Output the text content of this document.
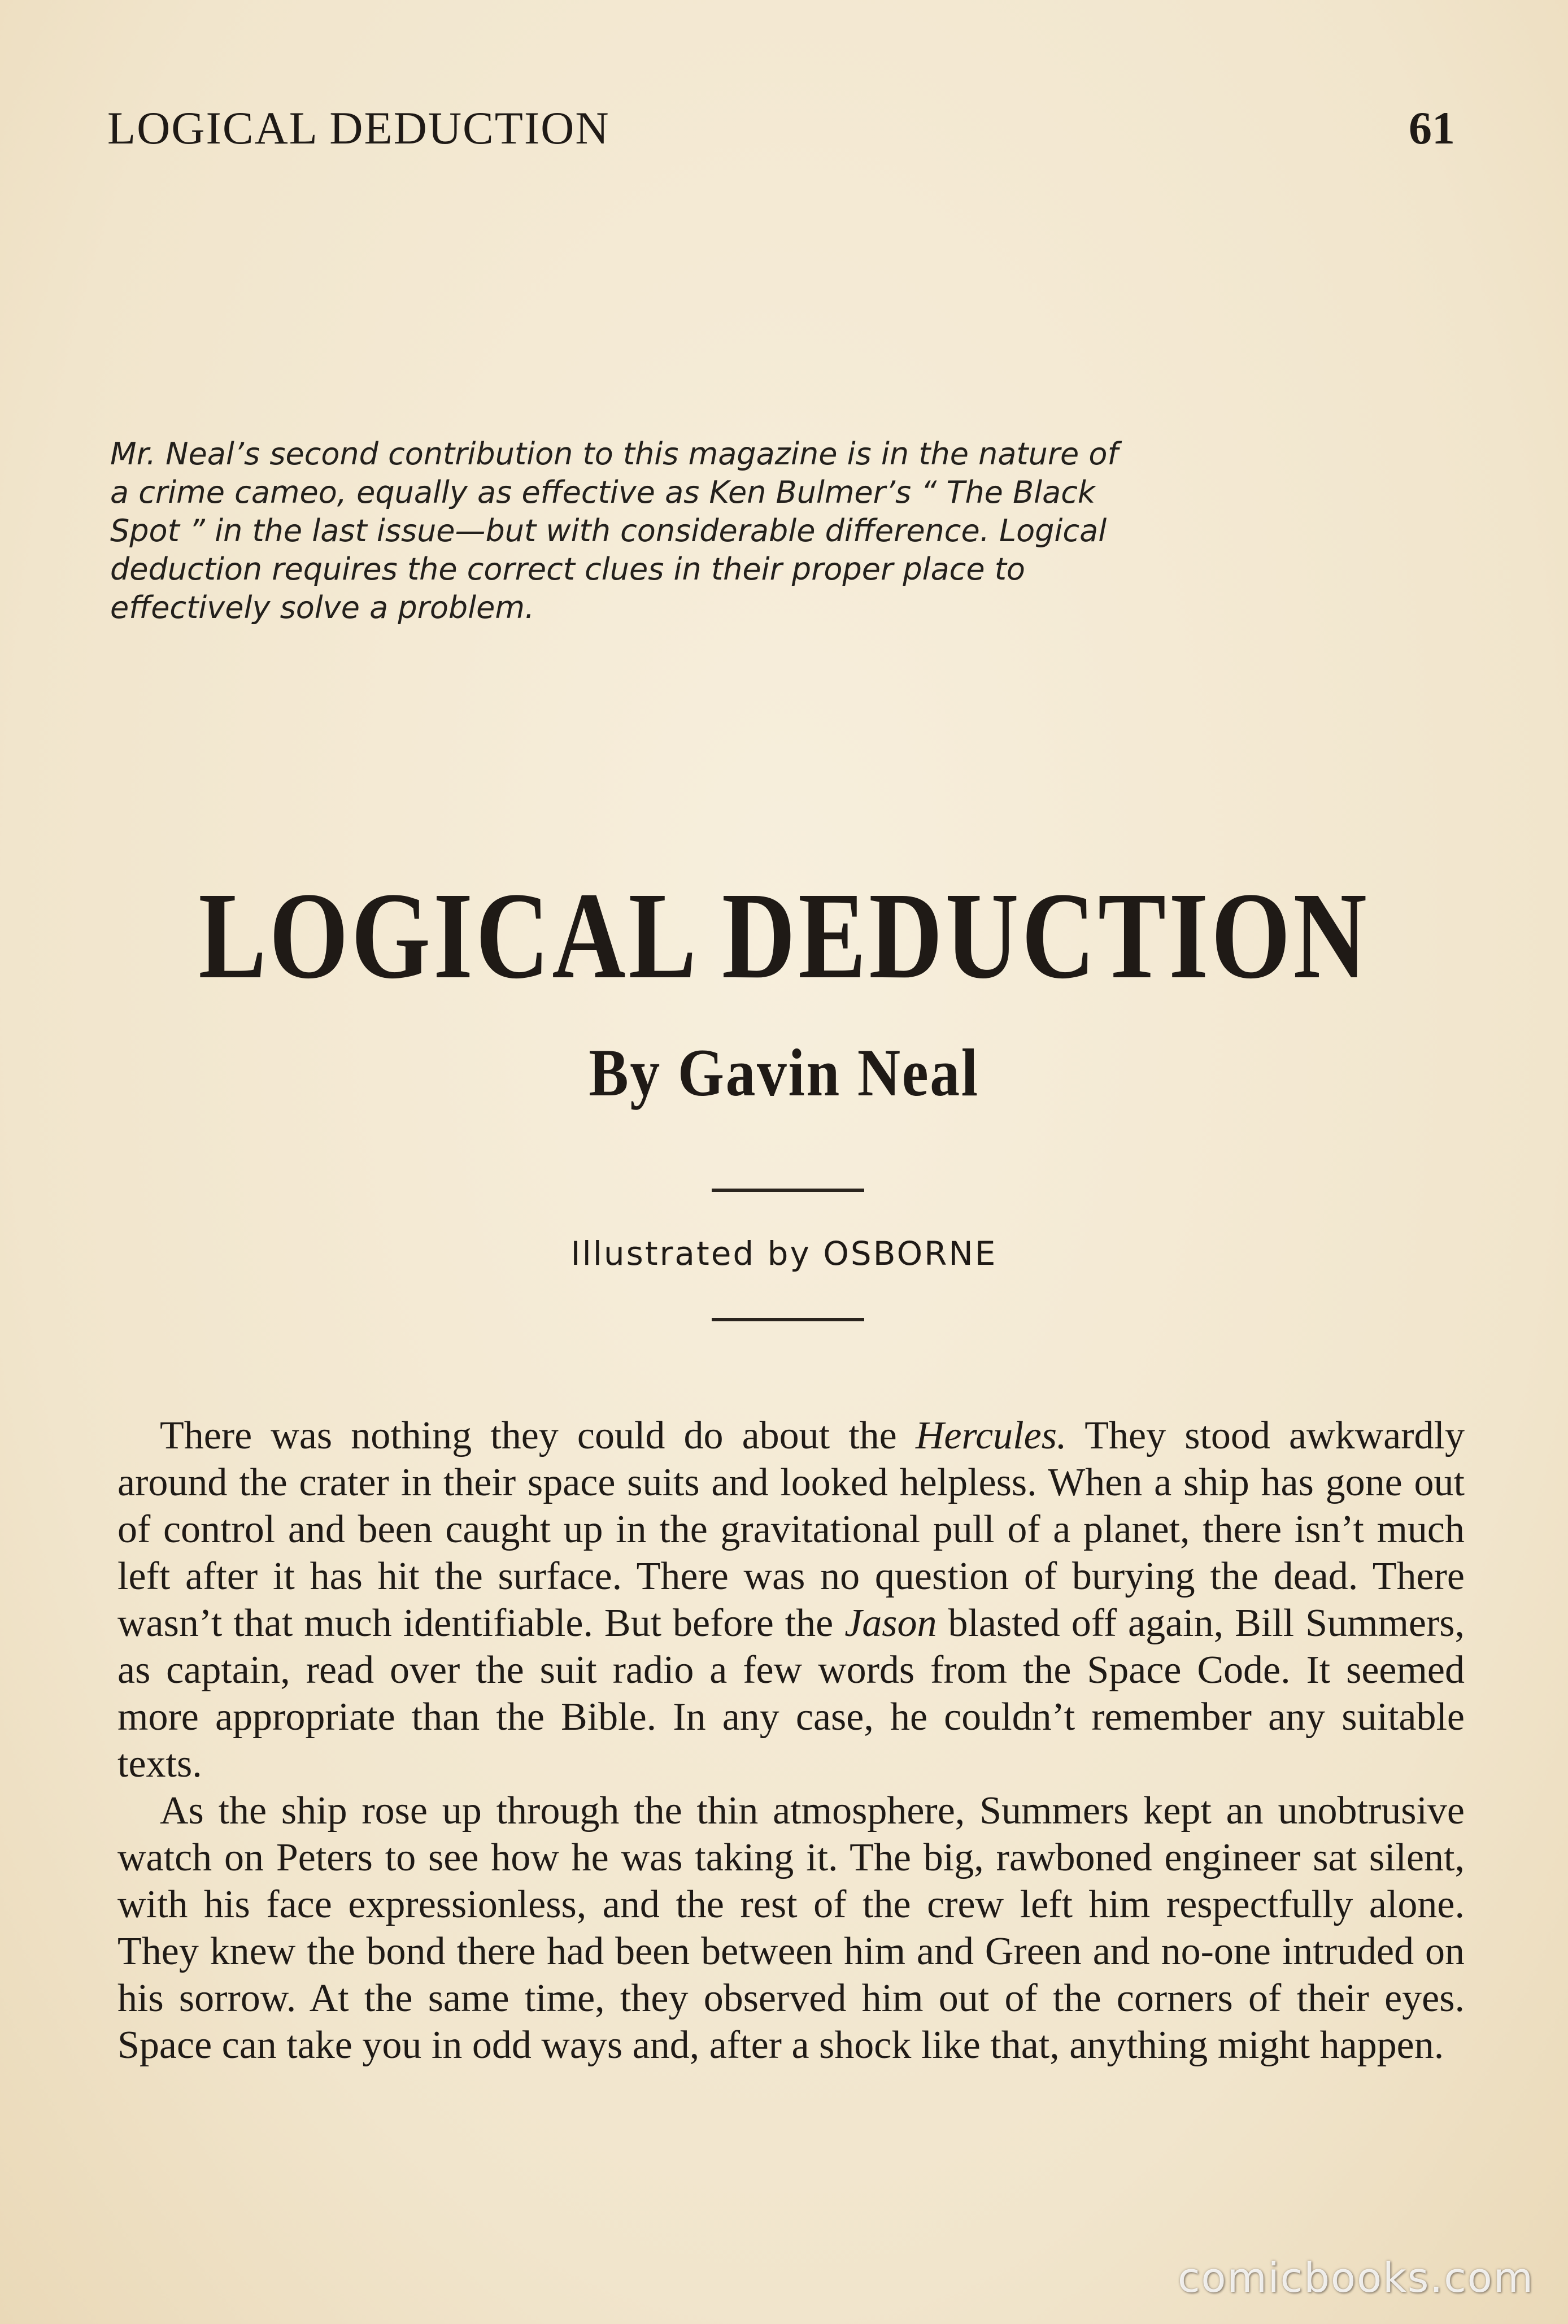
LOGICAL DEDUCTION	61
Mr. Neal’s second contribution to this magazine is in the nature of a crime cameo, equally as effective as Ken Bulmer’s “ The Black Spot ” in the last issue—but with considerable difference. Logical deduction requires the correct clues in their proper place to effectively solve a problem.
LOGICAL DEDUCTION
By Gavin Neal
Illustrated by OSBORNE

There was nothing they could do about the Hercules. They stood awkwardly around the crater in their space suits and looked helpless. When a ship has gone out of control and been caught up in the gravitational pull of a planet, there isn’t much left after it has hit the surface. There was no question of burying the dead. There wasn’t that much identifiable. But before the Jason blasted off again, Bill Summers, as captain, read over the suit radio a few words from the Space Code. It seemed more appropriate than the Bible. In any case, he couldn’t remember any suitable texts.

As the ship rose up through the thin atmosphere, Summers kept an unobtrusive watch on Peters to see how he was taking it. The big, rawboned engineer sat silent, with his face expressionless, and the rest of the crew left him respectfully alone. They knew the bond there had been between him and Green and no-one intruded on his sorrow. At the same time, they observed him out of the corners of their eyes. Space can take you in odd ways and, after a shock like that, anything might happen.

comicbooks.com
